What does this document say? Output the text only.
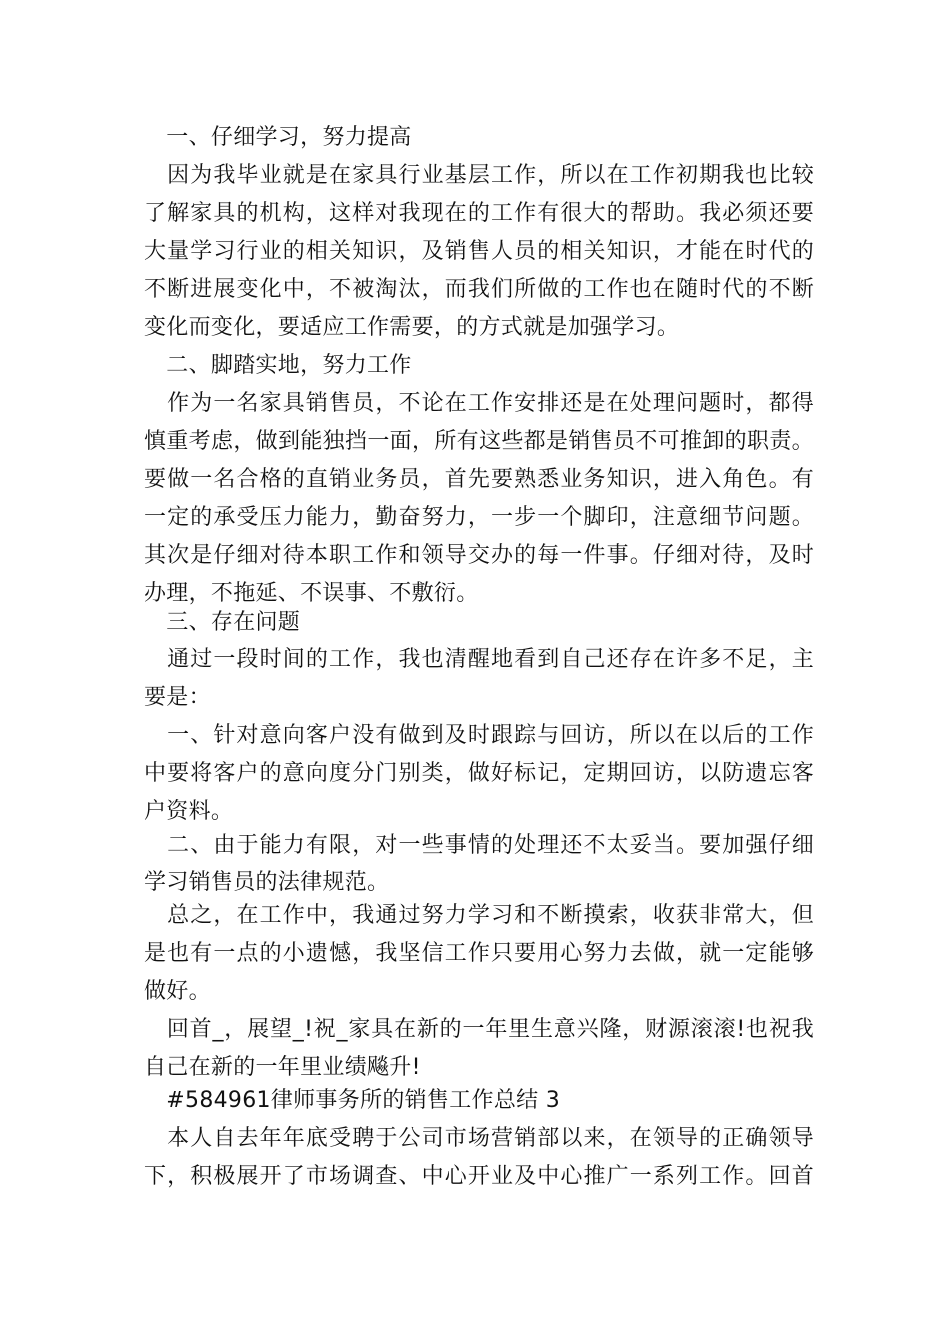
　一、仔细学习，努力提高
　因为我毕业就是在家具行业基层工作，所以在工作初期我也比较
了解家具的机构，这样对我现在的工作有很大的帮助。我必须还要
大量学习行业的相关知识，及销售人员的相关知识，才能在时代的
不断进展变化中，不被淘汰，而我们所做的工作也在随时代的不断
变化而变化，要适应工作需要，的方式就是加强学习。
　二、脚踏实地，努力工作
　作为一名家具销售员，不论在工作安排还是在处理问题时，都得
慎重考虑，做到能独挡一面，所有这些都是销售员不可推卸的职责。
要做一名合格的直销业务员，首先要熟悉业务知识，进入角色。有
一定的承受压力能力，勤奋努力，一步一个脚印，注意细节问题。
其次是仔细对待本职工作和领导交办的每一件事。仔细对待，及时
办理，不拖延、不误事、不敷衍。
　三、存在问题
　通过一段时间的工作，我也清醒地看到自己还存在许多不足，主
要是：
　一、针对意向客户没有做到及时跟踪与回访，所以在以后的工作
中要将客户的意向度分门别类，做好标记，定期回访，以防遗忘客
户资料。
　二、由于能力有限，对一些事情的处理还不太妥当。要加强仔细
学习销售员的法律规范。
　总之，在工作中，我通过努力学习和不断摸索，收获非常大，但
是也有一点的小遗憾，我坚信工作只要用心努力去做，就一定能够
做好。
　回首_，展望_!祝_家具在新的一年里生意兴隆，财源滚滚!也祝我
自己在新的一年里业绩飚升!
　#584961律师事务所的销售工作总结 3
　本人自去年年底受聘于公司市场营销部以来，在领导的正确领导
下，积极展开了市场调查、中心开业及中心推广一系列工作。回首
